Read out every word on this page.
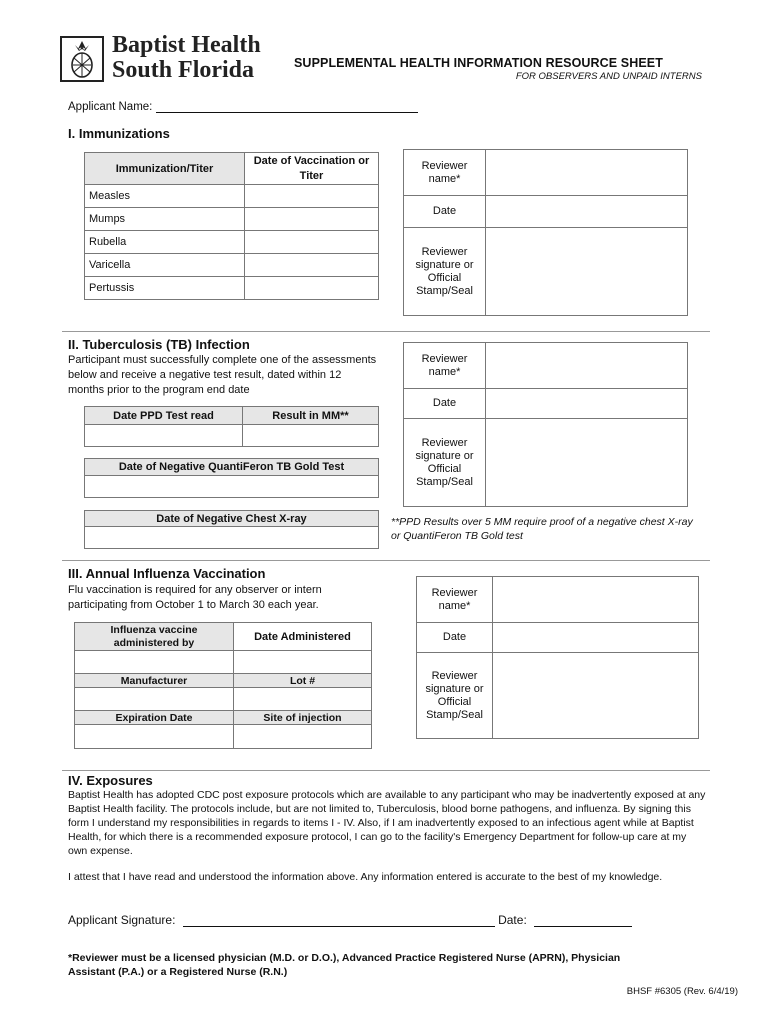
Baptist Health
South Florida	SUPPLEMENTAL HEALTH INFORMATION RESOURCE SHEET
FOR OBSERVERS AND UNPAID INTERNS
Applicant Name:
I. Immunizations
Immunization/Titer	Date of Vaccination or Titer
Measles	
Mumps	
Rubella	
Varicella	
Pertussis	
Reviewer name*	
Date	
Reviewer signature or Official Stamp/Seal	
II. Tuberculosis (TB) Infection
Participant must successfully complete one of the assessments below and receive a negative test result, dated within 12 months prior to the program end date
Date PPD Test read	Result in MM**

Date of Negative QuantiFeron TB Gold Test

Date of Negative Chest X-ray

Reviewer name*	
Date	
Reviewer signature or Official Stamp/Seal	
**PPD Results over 5 MM require proof of a negative chest X-ray or QuantiFeron TB Gold test
III. Annual Influenza Vaccination
Flu vaccination is required for any observer or intern participating from October 1 to March 30 each year.
Influenza vaccine administered by	Date Administered

Manufacturer	Lot #

Expiration Date	Site of injection

Reviewer name*	
Date	
Reviewer signature or Official Stamp/Seal	
IV. Exposures
Baptist Health has adopted CDC post exposure protocols which are available to any participant who may be inadvertently exposed at any Baptist Health facility. The protocols include, but are not limited to, Tuberculosis, blood borne pathogens, and influenza. By signing this form I understand my responsibilities in regards to items I - IV. Also, if I am inadvertently exposed to an infectious agent while at Baptist Health, for which there is a recommended exposure protocol, I can go to the facility's Emergency Department for follow-up care at my own expense.
I attest that I have read and understood the information above. Any information entered is accurate to the best of my knowledge.
Applicant Signature:	Date:
*Reviewer must be a licensed physician (M.D. or D.O.), Advanced Practice Registered Nurse (APRN), Physician Assistant (P.A.) or a Registered Nurse (R.N.)
BHSF #6305 (Rev. 6/4/19)
